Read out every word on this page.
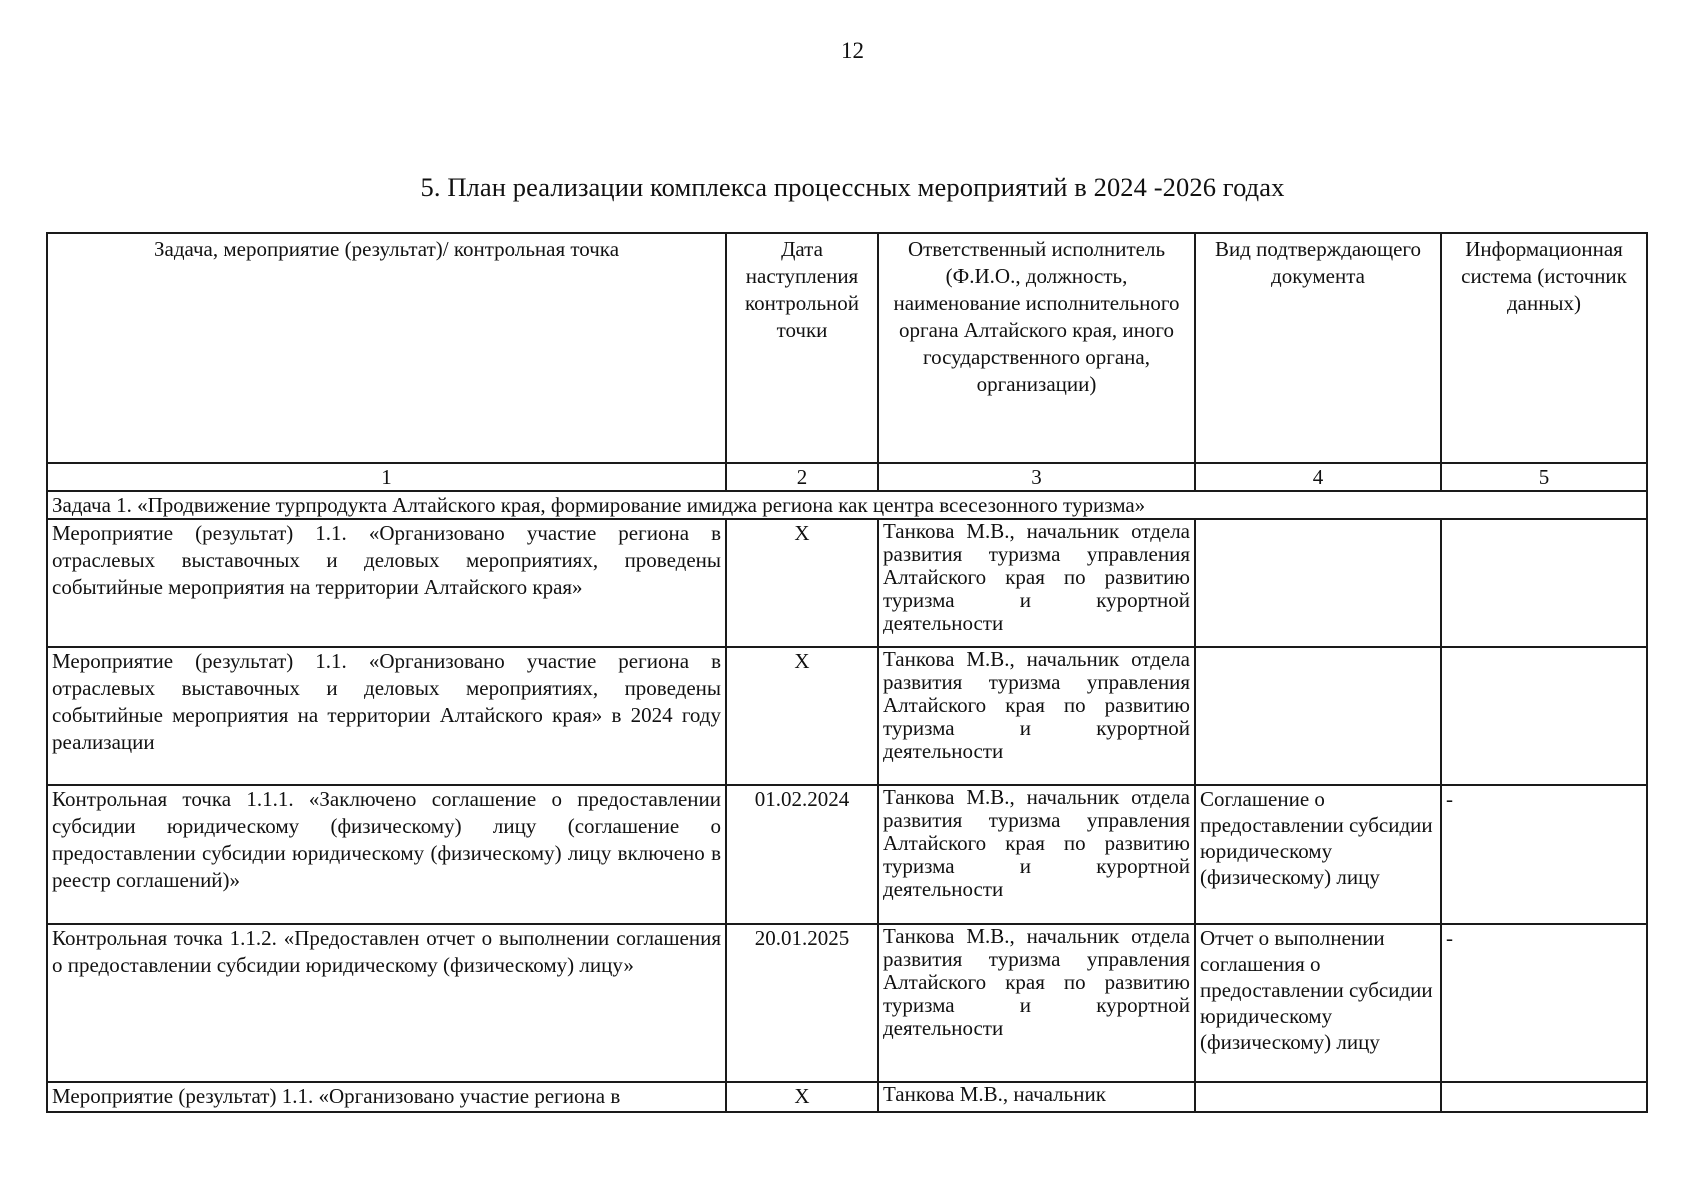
12
5. План реализации комплекса процессных мероприятий в 2024 -2026 годах
Задача, мероприятие (результат)/ контрольная точка	Дата наступления контрольной точки	Ответственный исполнитель (Ф.И.О., должность, наименование исполнительного органа Алтайского края, иного государственного органа, организации)	Вид подтверждающего документа	Информационная система (источник данных)
1	2	3	4	5
Задача 1. «Продвижение турпродукта Алтайского края, формирование имиджа региона как центра всесезонного туризма»				
Мероприятие (результат) 1.1. «Организовано участие региона в отраслевых выставочных и деловых мероприятиях, проведены событийные мероприятия на территории Алтайского края»	Х	Танкова М.В., начальник отдела развития туризма управления Алтайского края по развитию туризма и курортной деятельности		
Мероприятие (результат) 1.1. «Организовано участие региона в отраслевых выставочных и деловых мероприятиях, проведены событийные мероприятия на территории Алтайского края» в 2024 году реализации	Х	Танкова М.В., начальник отдела развития туризма управления Алтайского края по развитию туризма и курортной деятельности		
Контрольная точка 1.1.1. «Заключено соглашение о предоставлении субсидии юридическому (физическому) лицу (соглашение о предоставлении субсидии юридическому (физическому) лицу включено в реестр соглашений)»	01.02.2024	Танкова М.В., начальник отдела развития туризма управления Алтайского края по развитию туризма и курортной деятельности	Соглашение о предоставлении субсидии юридическому (физическому) лицу	-
Контрольная точка 1.1.2. «Предоставлен отчет о выполнении соглашения о предоставлении субсидии юридическому (физическому) лицу»	20.01.2025	Танкова М.В., начальник отдела развития туризма управления Алтайского края по развитию туризма и курортной деятельности	Отчет о выполнении соглашения о предоставлении субсидии юридическому (физическому) лицу	-
Мероприятие (результат) 1.1. «Организовано участие региона в	Х	Танкова М.В., начальник		
